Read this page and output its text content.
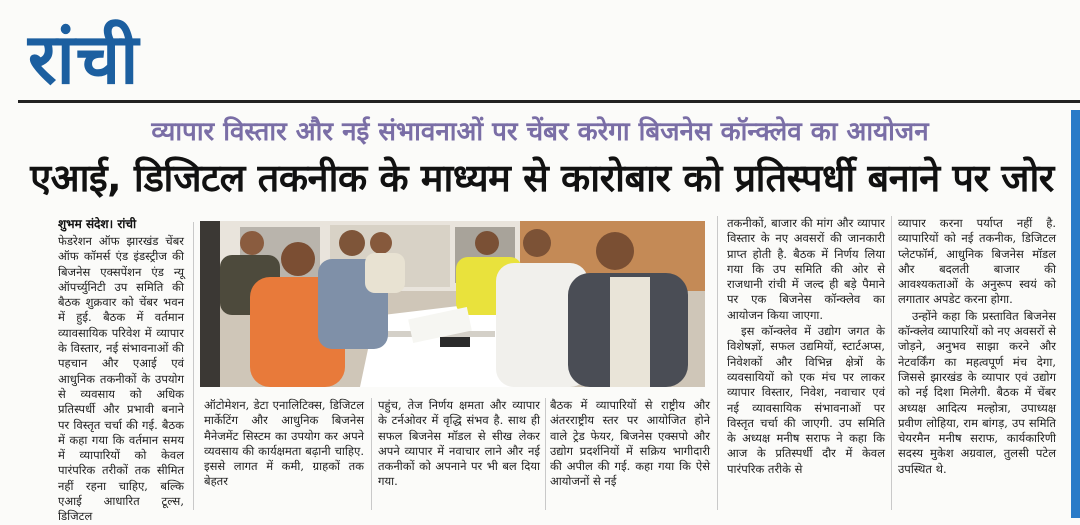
रांची
व्यापार विस्तार और नई संभावनाओं पर चेंबर करेगा बिजनेस कॉन्क्लेव का आयोजन
एआई, डिजिटल तकनीक के माध्यम से कारोबार को प्रतिस्पर्धी बनाने पर जोर
शुभम संदेश। रांची

फेडरेशन ऑफ झारखंड चेंबर ऑफ कॉमर्स एंड इंडस्ट्रीज की बिजनेस एक्सपेंशन एंड न्यू ऑपर्च्युनिटी उप समिति की बैठक शुक्रवार को चेंबर भवन में हुई. बैठक में वर्तमान व्यावसायिक परिवेश में व्यापार के विस्तार, नई संभावनाओं की पहचान और एआई एवं आधुनिक तकनीकों के उपयोग से व्यवसाय को अधिक प्रतिस्पर्धी और प्रभावी बनाने पर विस्तृत चर्चा की गई. बैठक में कहा गया कि वर्तमान समय में व्यापारियों को केवल पारंपरिक तरीकों तक सीमित नहीं रहना चाहिए, बल्कि एआई आधारित टूल्स, डिजिटल

ऑटोमेशन, डेटा एनालिटिक्स, डिजिटल मार्केटिंग और आधुनिक बिजनेस मैनेजमेंट सिस्टम का उपयोग कर अपने व्यवसाय की कार्यक्षमता बढ़ानी चाहिए. इससे लागत में कमी, ग्राहकों तक बेहतर

पहुंच, तेज निर्णय क्षमता और व्यापार के टर्नओवर में वृद्धि संभव है. साथ ही सफल बिजनेस मॉडल से सीख लेकर अपने व्यापार में नवाचार लाने और नई तकनीकों को अपनाने पर भी बल दिया गया.

बैठक में व्यापारियों से राष्ट्रीय और अंतरराष्ट्रीय स्तर पर आयोजित होने वाले ट्रेड फेयर, बिजनेस एक्सपो और उद्योग प्रदर्शनियों में सक्रिय भागीदारी की अपील की गई. कहा गया कि ऐसे आयोजनों से नई

तकनीकों, बाजार की मांग और व्यापार विस्तार के नए अवसरों की जानकारी प्राप्त होती है. बैठक में निर्णय लिया गया कि उप समिति की ओर से राजधानी रांची में जल्द ही बड़े पैमाने पर एक बिजनेस कॉन्क्लेव का आयोजन किया जाएगा.

इस कॉन्क्लेव में उद्योग जगत के विशेषज्ञों, सफल उद्यमियों, स्टार्टअप्स, निवेशकों और विभिन्न क्षेत्रों के व्यवसायियों को एक मंच पर लाकर व्यापार विस्तार, निवेश, नवाचार एवं नई व्यावसायिक संभावनाओं पर विस्तृत चर्चा की जाएगी. उप समिति के अध्यक्ष मनीष सराफ ने कहा कि आज के प्रतिस्पर्धी दौर में केवल पारंपरिक तरीके से

व्यापार करना पर्याप्त नहीं है. व्यापारियों को नई तकनीक, डिजिटल प्लेटफॉर्म, आधुनिक बिजनेस मॉडल और बदलती बाजार की आवश्यकताओं के अनुरूप स्वयं को लगातार अपडेट करना होगा.

उन्होंने कहा कि प्रस्तावित बिजनेस कॉन्क्लेव व्यापारियों को नए अवसरों से जोड़ने, अनुभव साझा करने और नेटवर्किंग का महत्वपूर्ण मंच देगा, जिससे झारखंड के व्यापार एवं उद्योग को नई दिशा मिलेगी. बैठक में चेंबर अध्यक्ष आदित्य मल्होत्रा, उपाध्यक्ष प्रवीण लोहिया, राम बांगड़, उप समिति चेयरमैन मनीष सराफ, कार्यकारिणी सदस्य मुकेश अग्रवाल, तुलसी पटेल उपस्थित थे.
